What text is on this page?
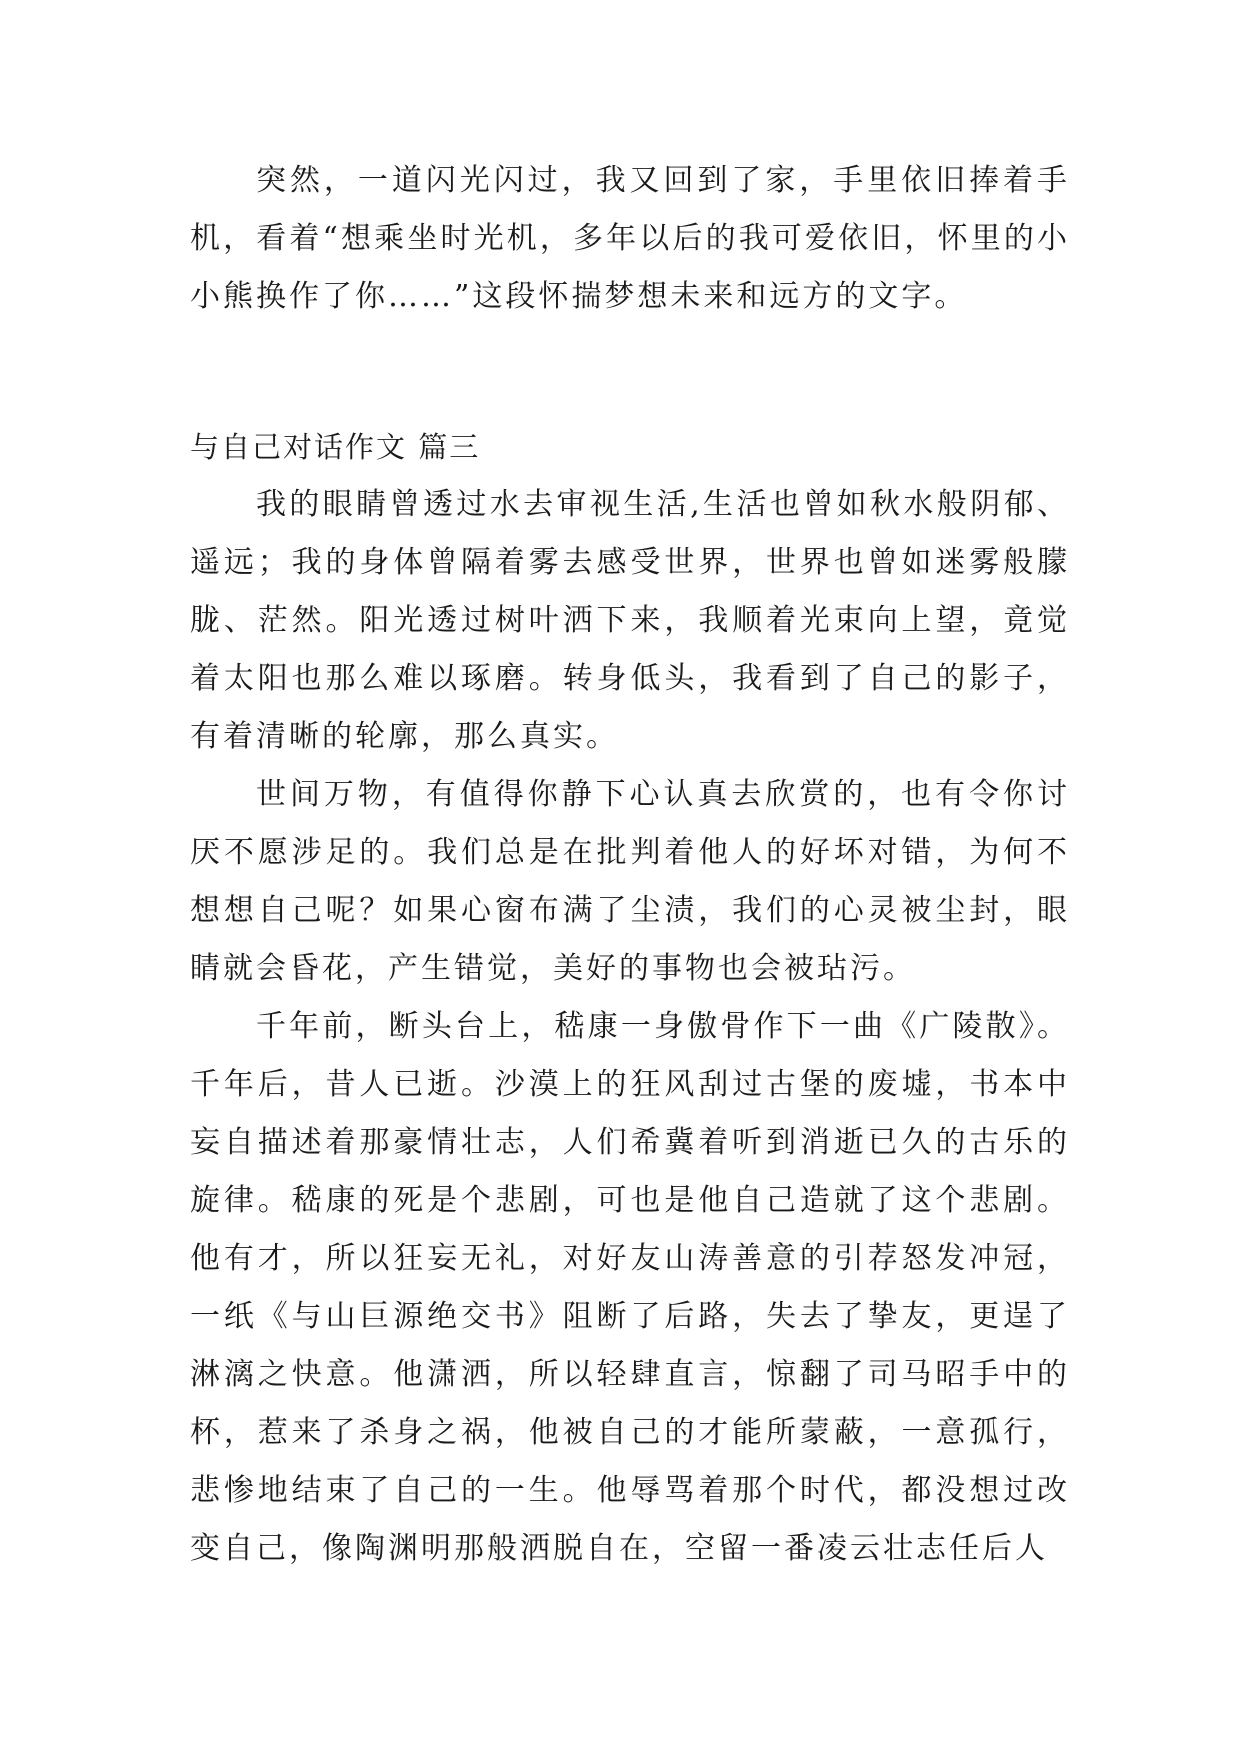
突然，一道闪光闪过，我又回到了家，手里依旧捧着手机，看着“想乘坐时光机，多年以后的我可爱依旧，怀里的小小熊换作了你……”这段怀揣梦想未来和远方的文字。

与自己对话作文 篇三

我的眼睛曾透过水去审视生活,生活也曾如秋水般阴郁、遥远；我的身体曾隔着雾去感受世界，世界也曾如迷雾般朦胧、茫然。阳光透过树叶洒下来，我顺着光束向上望，竟觉着太阳也那么难以琢磨。转身低头，我看到了自己的影子，有着清晰的轮廓，那么真实。

世间万物，有值得你静下心认真去欣赏的，也有令你讨厌不愿涉足的。我们总是在批判着他人的好坏对错，为何不想想自己呢？如果心窗布满了尘渍，我们的心灵被尘封，眼睛就会昏花，产生错觉，美好的事物也会被玷污。

千年前，断头台上，嵇康一身傲骨作下一曲《广陵散》。千年后，昔人已逝。沙漠上的狂风刮过古堡的废墟，书本中妄自描述着那豪情壮志，人们希冀着听到消逝已久的古乐的旋律。嵇康的死是个悲剧，可也是他自己造就了这个悲剧。他有才，所以狂妄无礼，对好友山涛善意的引荐怒发冲冠，一纸《与山巨源绝交书》阻断了后路，失去了挚友，更逞了淋漓之快意。他潇洒，所以轻肆直言，惊翻了司马昭手中的杯，惹来了杀身之祸，他被自己的才能所蒙蔽，一意孤行，悲惨地结束了自己的一生。他辱骂着那个时代，都没想过改变自己，像陶渊明那般洒脱自在，空留一番凌云壮志任后人
